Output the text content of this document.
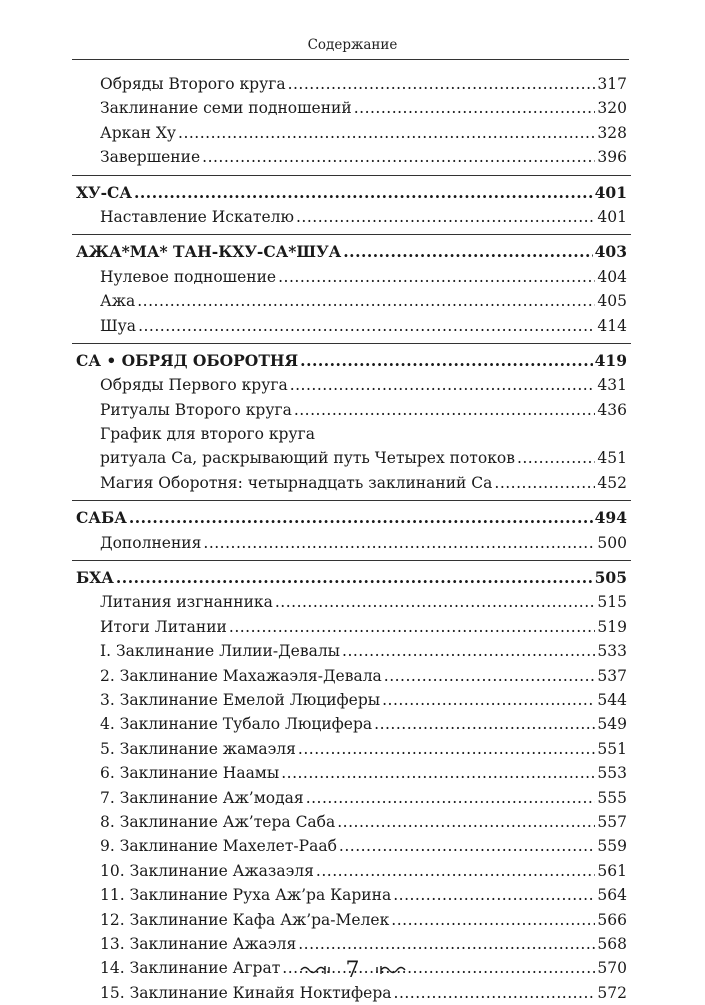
Содержание
Обряды Второго круга .....	317
Заклинание семи подношений .....	320
Аркан Ху .....	328
Завершение .....	396
ХУ-СА .....	401
Наставление Искателю .....	401
АЖА*МА* ТАН-КХУ-СА*ШУА .....	403
Нулевое подношение .....	404
Ажа .....	405
Шуа .....	414
СА • ОБРЯД ОБОРОТНЯ .....	419
Обряды Первого круга .....	431
Ритуалы Второго круга .....	436
График для второго круга
ритуала Са, раскрывающий путь Четырех потоков .....	451
Магия Оборотня: четырнадцать заклинаний Са .....	452
САБА .....	494
Дополнения .....	500
БХА .....	505
Литания изгнанника .....	515
Итоги Литании .....	519
I. Заклинание Лилии-Девалы .....	533
2. Заклинание Махажаэля-Девала .....	537
3. Заклинание Емелой Люциферы .....	544
4. Заклинание Тубало Люцифера .....	549
5. Заклинание жамаэля .....	551
6. Заклинание Наамы .....	553
7. Заклинание Аж’модая .....	555
8. Заклинание Аж’тера Саба .....	557
9. Заклинание Махелет-Рааб .....	559
10. Заклинание Ажазаэля .....	561
11. Заклинание Руха Аж’ра Карина .....	564
12. Заклинание Кафа Аж’ра-Мелек .....	566
13. Заклинание Ажаэля .....	568
14. Заклинание Аграт .....	570
15. Заклинание Кинайя Ноктифера .....	572
7
